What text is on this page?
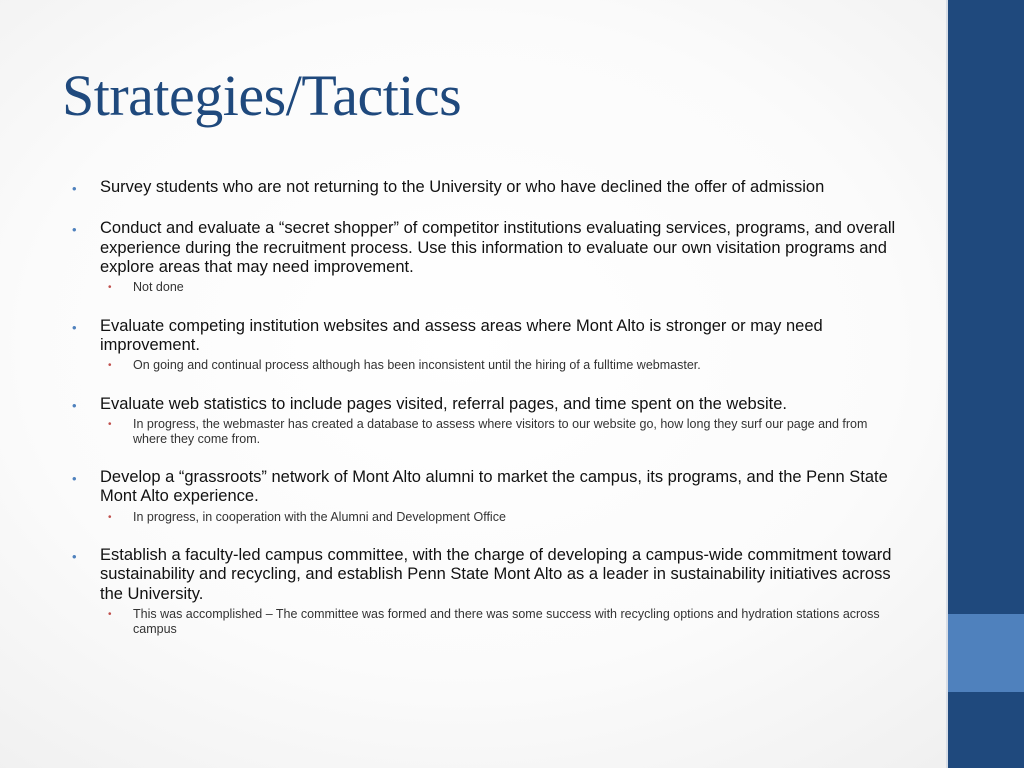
Strategies/Tactics
• Survey students who are not returning to the University or who have declined the offer of admission
• Conduct and evaluate a “secret shopper” of competitor institutions evaluating services, programs, and overall experience during the recruitment process. Use this information to evaluate our own visitation programs and explore areas that may need improvement.
• Not done
• Evaluate competing institution websites and assess areas where Mont Alto is stronger or may need improvement.
• On going and continual process although has been inconsistent until the hiring of a fulltime webmaster.
• Evaluate web statistics to include pages visited, referral pages, and time spent on the website.
• In progress, the webmaster has created a database to assess where visitors to our website go, how long they surf our page and from where they come from.
• Develop a “grassroots” network of Mont Alto alumni to market the campus, its programs, and the Penn State Mont Alto experience.
• In progress, in cooperation with the Alumni and Development Office
• Establish a faculty-led campus committee, with the charge of developing a campus-wide commitment toward sustainability and recycling, and establish Penn State Mont Alto as a leader in sustainability initiatives across the University.
• This was accomplished – The committee was formed and there was some success with recycling options and hydration stations across campus
